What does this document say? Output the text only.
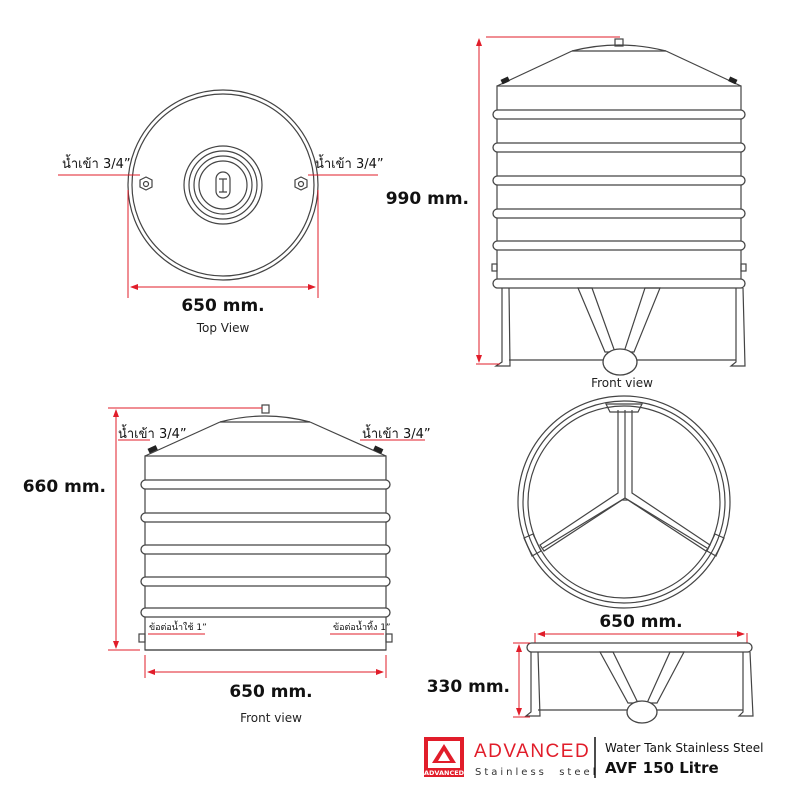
น้ำเข้า 3/4”	น้ำเข้า 3/4”
650 mm.
Top View
990 mm.
Front view
น้ำเข้า 3/4”	น้ำเข้า 3/4”
ข้อต่อน้ำใช้ 1”	ข้อต่อน้ำทิ้ง 1”
660 mm.
650 mm.
Front view
650 mm.
330 mm.
ADVANCED
ADVANCED
Stainless  steel
Water Tank Stainless Steel
AVF 150 Litre
